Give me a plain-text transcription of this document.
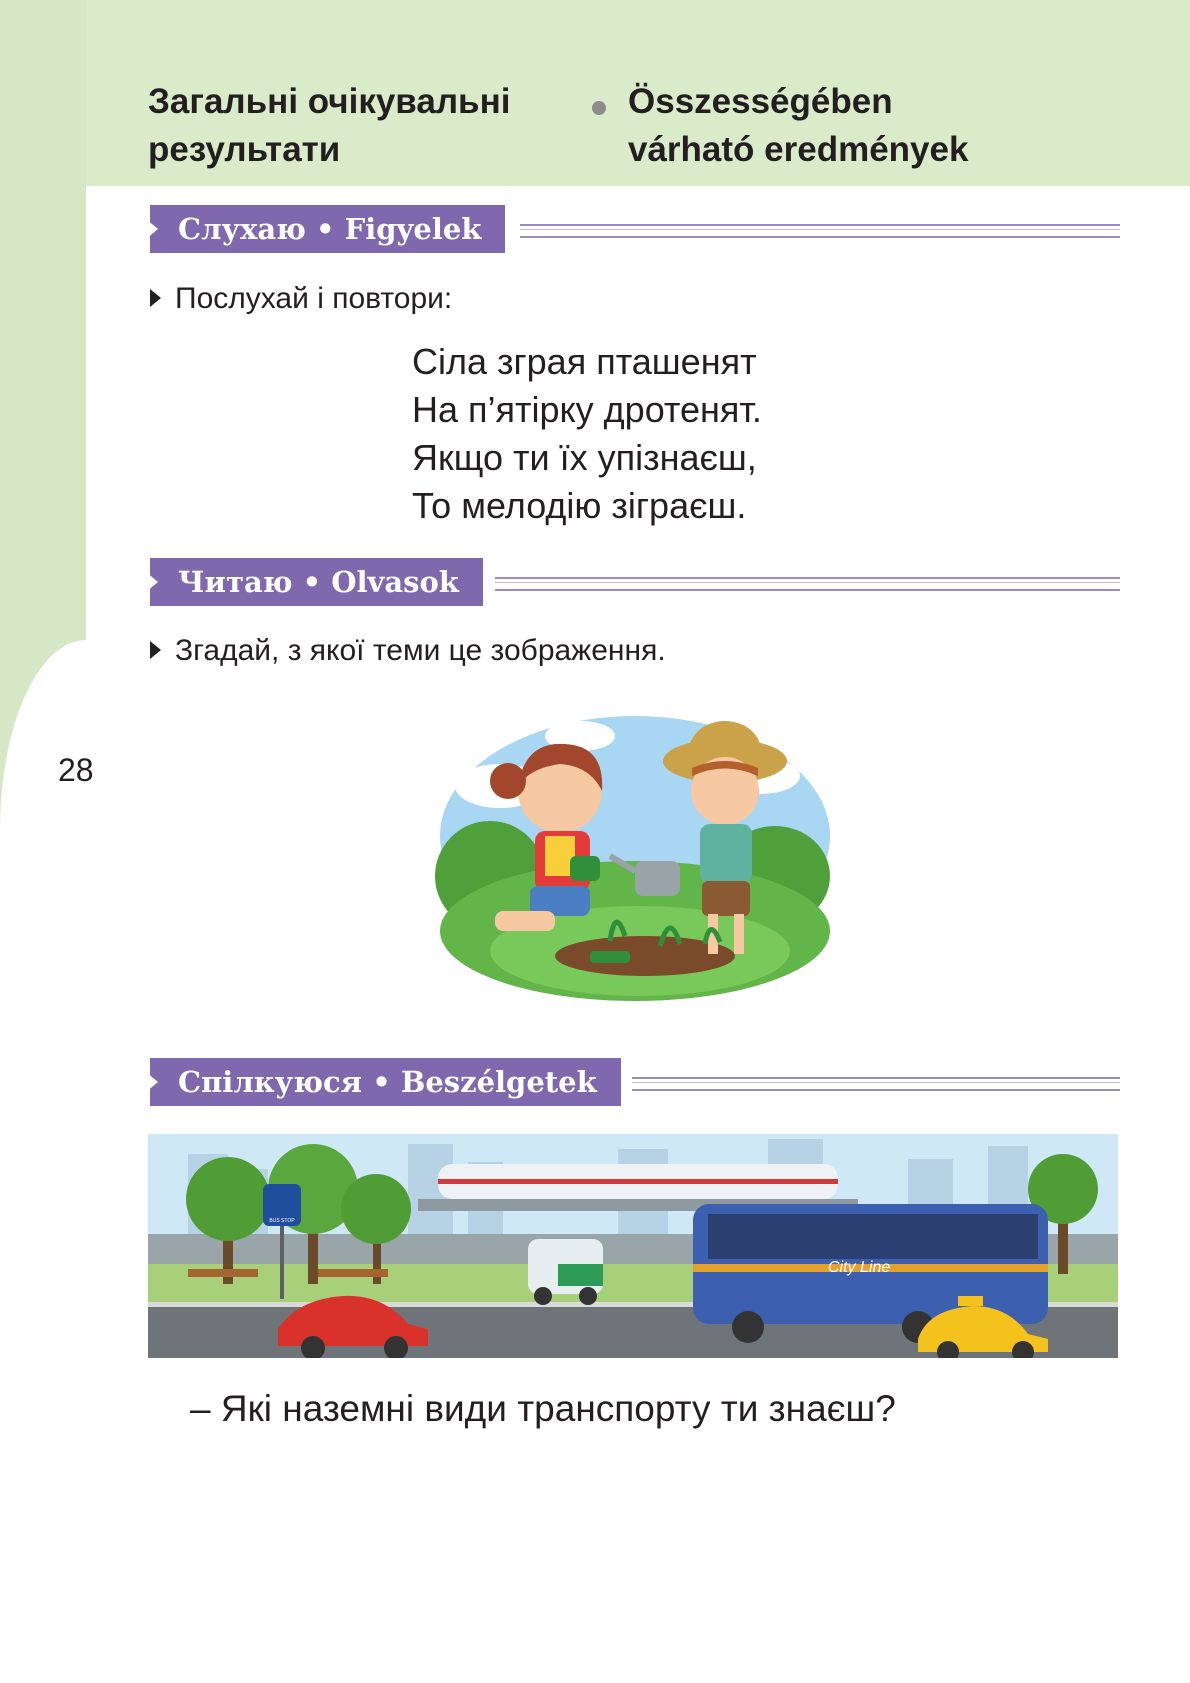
28
Загальні очікувальні
результати
Összességében
várható eredmények
Слухаю • Figyelek
Послухай і повтори:
Сіла зграя пташенят
На п’ятірку дротенят.
Якщо ти їх упізнаєш,
То мелодію зіграєш.
Читаю • Olvasok
Згадай, з якої теми це зображення.
Спілкуюся • Beszélgetek
BUS STOP
City Line
– Які наземні види транспорту ти знаєш?
